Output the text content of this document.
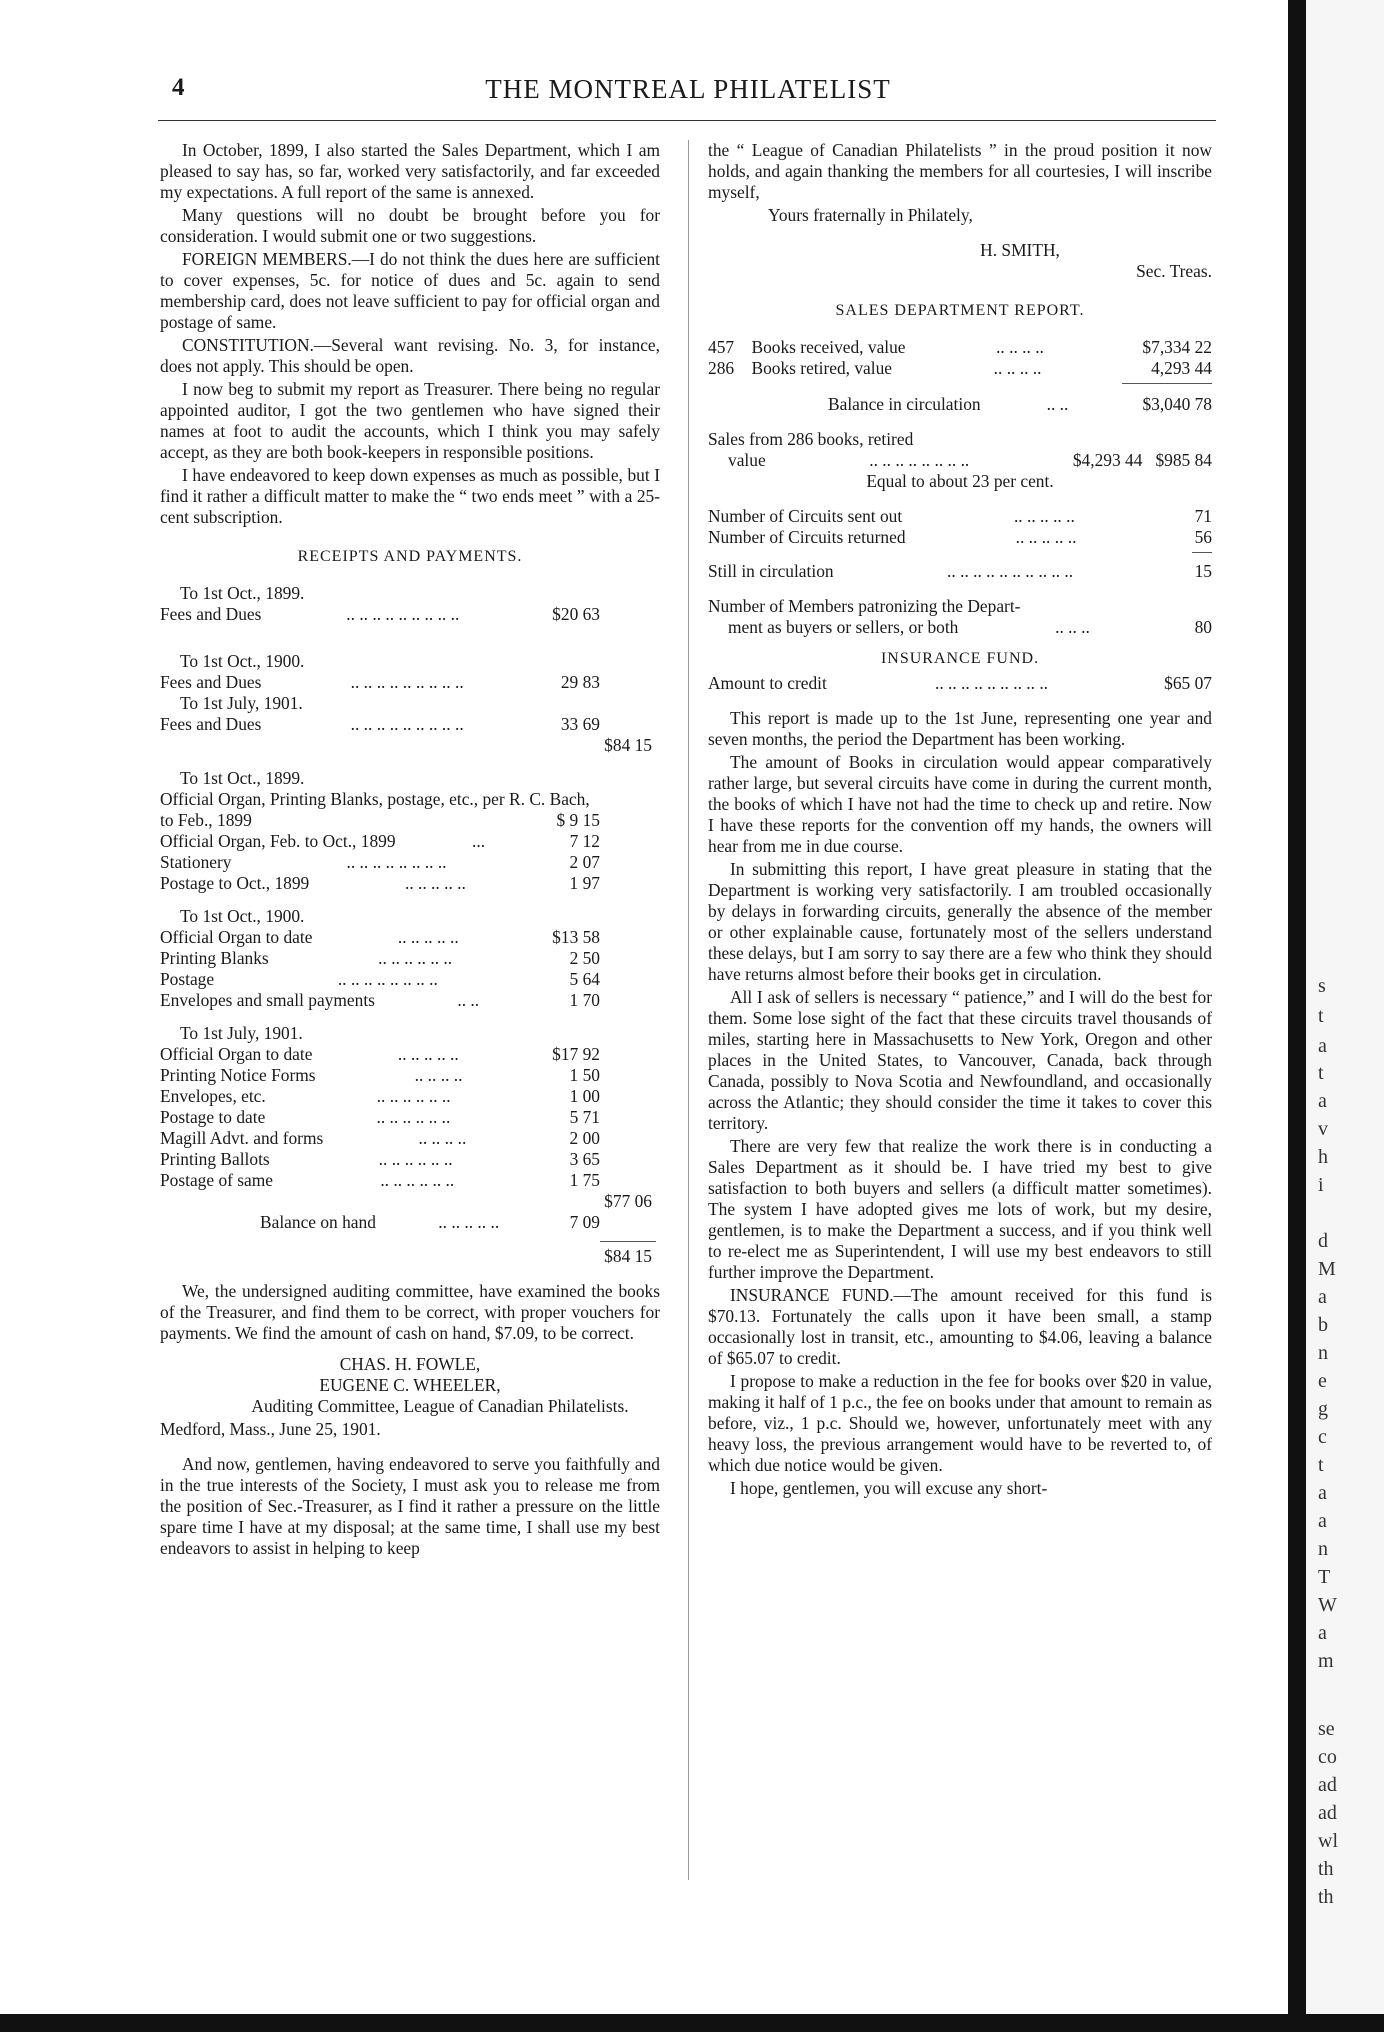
s
t
a
t
a
v
h
i
d
M
a
b
n
e
g
c
t
a
a
n
T
W
a
m
se
co
ad
ad
wl
th
th
4	THE MONTREAL PHILATELIST

In October, 1899, I also started the Sales Department, which I am pleased to say has, so far, worked very satisfactorily, and far exceeded my expectations. A full report of the same is annexed.

Many questions will no doubt be brought before you for consideration. I would submit one or two suggestions.

FOREIGN MEMBERS.—I do not think the dues here are sufficient to cover expenses, 5c. for notice of dues and 5c. again to send membership card, does not leave sufficient to pay for official organ and postage of same.

CONSTITUTION.—Several want revising. No. 3, for instance, does not apply. This should be open.

I now beg to submit my report as Treasurer. There being no regular appointed auditor, I got the two gentlemen who have signed their names at foot to audit the accounts, which I think you may safely accept, as they are both book-keepers in responsible positions.

I have endeavored to keep down expenses as much as possible, but I find it rather a difficult matter to make the “ two ends meet ” with a 25-cent subscription.

RECEIPTS AND PAYMENTS.
To 1st Oct., 1899.
Fees and Dues	.. .. .. .. .. .. .. .. ..	$20 63
To 1st Oct., 1900.
Fees and Dues	.. .. .. .. .. .. .. .. ..	29 83
To 1st July, 1901.
Fees and Dues	.. .. .. .. .. .. .. .. ..	33 69
$84 15
To 1st Oct., 1899.
Official Organ, Printing Blanks, postage, etc., per R. C. Bach, to Feb., 1899	$ 9 15
Official Organ, Feb. to Oct., 1899	...	7 12
Stationery	.. .. .. .. .. .. .. ..	2 07
Postage to Oct., 1899	.. .. .. .. ..	1 97
To 1st Oct., 1900.
Official Organ to date	.. .. .. .. ..	$13 58
Printing Blanks	.. .. .. .. .. ..	2 50
Postage	.. .. .. .. .. .. .. ..	5 64
Envelopes and small payments	.. ..	1 70
To 1st July, 1901.
Official Organ to date	.. .. .. .. ..	$17 92
Printing Notice Forms	.. .. .. ..	1 50
Envelopes, etc.	.. .. .. .. .. ..	1 00
Postage to date	.. .. .. .. .. ..	5 71
Magill Advt. and forms	.. .. .. ..	2 00
Printing Ballots	.. .. .. .. .. ..	3 65
Postage of same	.. .. .. .. .. ..	1 75
$77 06
Balance on hand	.. .. .. .. ..	7 09
$84 15

We, the undersigned auditing committee, have examined the books of the Treasurer, and find them to be correct, with proper vouchers for payments. We find the amount of cash on hand, $7.09, to be correct.

CHAS. H. FOWLE,
EUGENE C. WHEELER,
Auditing Committee, League of Canadian Philatelists.
Medford, Mass., June 25, 1901.

And now, gentlemen, having endeavored to serve you faithfully and in the true interests of the Society, I must ask you to release me from the position of Sec.-Treasurer, as I find it rather a pressure on the little spare time I have at my disposal; at the same time, I shall use my best endeavors to assist in helping to keep

the “ League of Canadian Philatelists ” in the proud position it now holds, and again thanking the members for all courtesies, I will inscribe myself,

Yours fraternally in Philately,
H. SMITH,
Sec. Treas.
SALES DEPARTMENT REPORT.
457 Books received, value	.. .. .. ..	$7,334 22
286 Books retired, value	.. .. .. ..	4,293 44
Balance in circulation	.. ..	$3,040 78
Sales from 286 books, retired
value	.. .. .. .. .. .. .. ..	$4,293 44 $985 84
Equal to about 23 per cent.
Number of Circuits sent out	.. .. .. .. ..	71
Number of Circuits returned	.. .. .. .. ..	56
Still in circulation	.. .. .. .. .. .. .. .. .. ..	15
Number of Members patronizing the Depart-
ment as buyers or sellers, or both	.. .. ..	80
INSURANCE FUND.
Amount to credit	.. .. .. .. .. .. .. .. ..	$65 07

This report is made up to the 1st June, representing one year and seven months, the period the Department has been working.

The amount of Books in circulation would appear comparatively rather large, but several circuits have come in during the current month, the books of which I have not had the time to check up and retire. Now I have these reports for the convention off my hands, the owners will hear from me in due course.

In submitting this report, I have great pleasure in stating that the Department is working very satisfactorily. I am troubled occasionally by delays in forwarding circuits, generally the absence of the member or other explainable cause, fortunately most of the sellers understand these delays, but I am sorry to say there are a few who think they should have returns almost before their books get in circulation.

All I ask of sellers is necessary “ patience,” and I will do the best for them. Some lose sight of the fact that these circuits travel thousands of miles, starting here in Massachusetts to New York, Oregon and other places in the United States, to Vancouver, Canada, back through Canada, possibly to Nova Scotia and Newfoundland, and occasionally across the Atlantic; they should consider the time it takes to cover this territory.

There are very few that realize the work there is in conducting a Sales Department as it should be. I have tried my best to give satisfaction to both buyers and sellers (a difficult matter sometimes). The system I have adopted gives me lots of work, but my desire, gentlemen, is to make the Department a success, and if you think well to re-elect me as Superintendent, I will use my best endeavors to still further improve the Department.

INSURANCE FUND.—The amount received for this fund is $70.13. Fortunately the calls upon it have been small, a stamp occasionally lost in transit, etc., amounting to $4.06, leaving a balance of $65.07 to credit.

I propose to make a reduction in the fee for books over $20 in value, making it half of 1 p.c., the fee on books under that amount to remain as before, viz., 1 p.c. Should we, however, unfortunately meet with any heavy loss, the previous arrangement would have to be reverted to, of which due notice would be given.

I hope, gentlemen, you will excuse any short-
